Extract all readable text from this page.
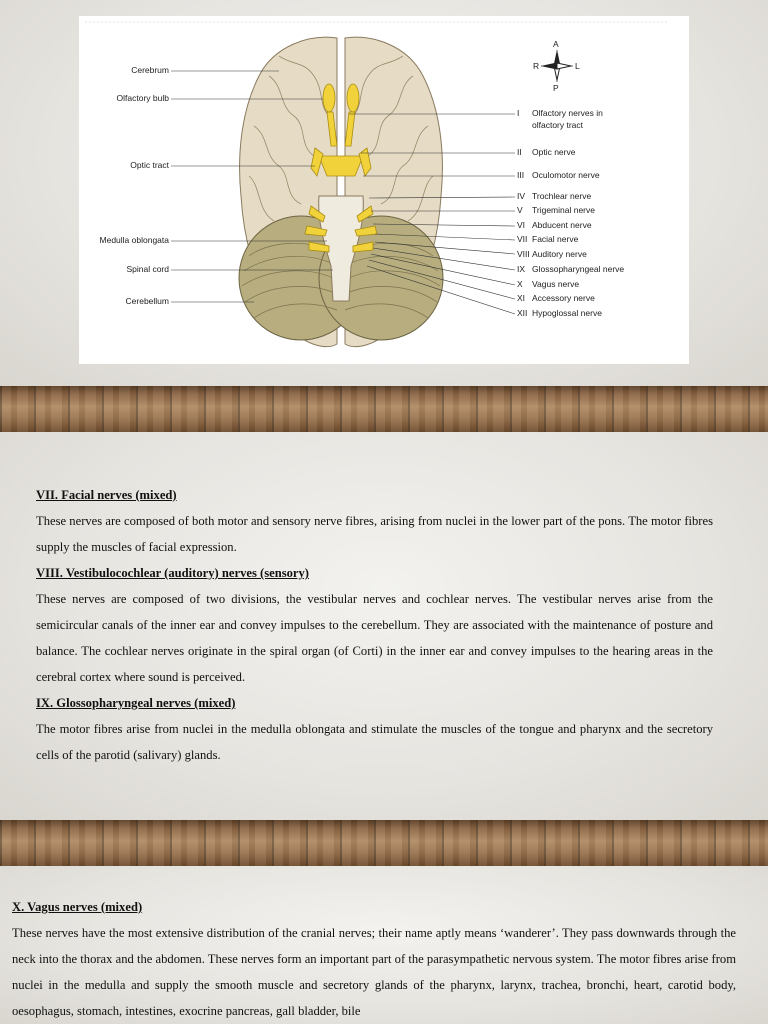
Cerebrum
Olfactory bulb
Optic tract
Medulla oblongata
Spinal cord
Cerebellum
A
P
R	L
I Olfactory nerves in
olfactory tract
II Optic nerve
III Oculomotor nerve
IV Trochlear nerve
V Trigeminal nerve
VI Abducent nerve
VII Facial nerve
VIII Auditory nerve
IX Glossopharyngeal nerve
X Vagus nerve
XI Accessory nerve
XII Hypoglossal nerve

VII. Facial nerves (mixed)

These nerves are composed of both motor and sensory nerve fibres, arising from nuclei in the lower part of the pons. The motor fibres supply the muscles of facial expression.

VIII. Vestibulocochlear (auditory) nerves (sensory)

These nerves are composed of two divisions, the vestibular nerves and cochlear nerves. The vestibular nerves arise from the semicircular canals of the inner ear and convey impulses to the cerebellum. They are associated with the maintenance of posture and balance. The cochlear nerves originate in the spiral organ (of Corti) in the inner ear and convey impulses to the hearing areas in the cerebral cortex where sound is perceived.

IX. Glossopharyngeal nerves (mixed)

The motor fibres arise from nuclei in the medulla oblongata and stimulate the muscles of the tongue and pharynx and the secretory cells of the parotid (salivary) glands.

X. Vagus nerves (mixed)

These nerves have the most extensive distribution of the cranial nerves; their name aptly means ‘wanderer’. They pass downwards through the neck into the thorax and the abdomen. These nerves form an important part of the parasympathetic nervous system. The motor fibres arise from nuclei in the medulla and supply the smooth muscle and secretory glands of the pharynx, larynx, trachea, bronchi, heart, carotid body, oesophagus, stomach, intestines, exocrine pancreas, gall bladder, bile
